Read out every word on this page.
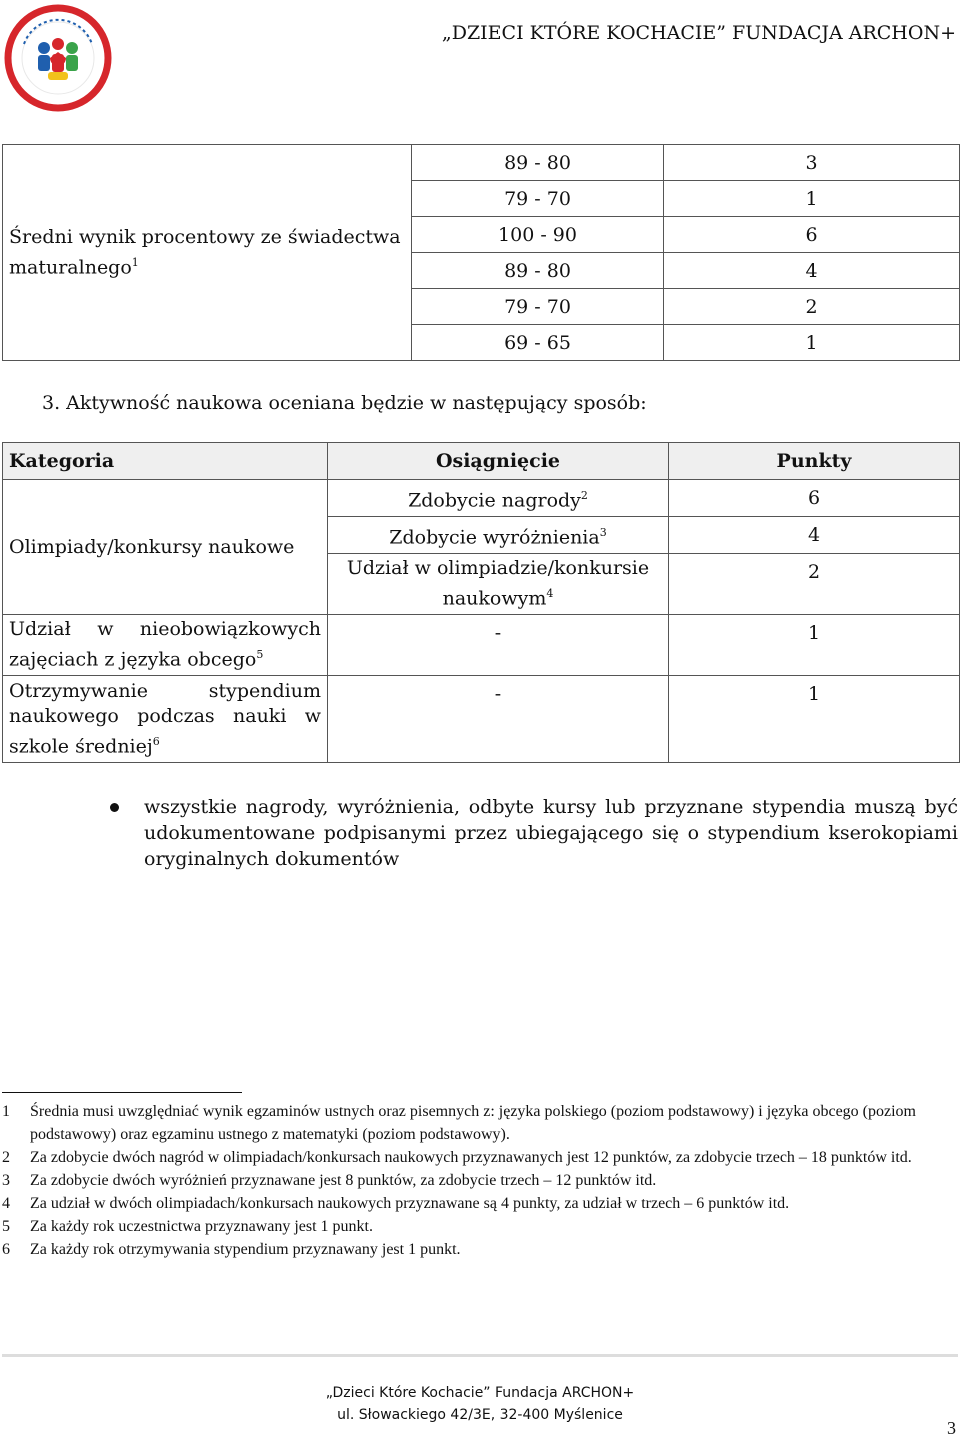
„DZIECI KTÓRE KOCHACIE” FUNDACJA ARCHON+
Średni wynik procentowy ze świadectwa maturalnego$^1$	89 - 80	3
	79 - 70	1
	100 - 90	6
	89 - 80	4
	79 - 70	2
	69 - 65	1
3. Aktywność naukowa oceniana będzie w następujący sposób:
Kategoria	Osiągnięcie	Punkty
Olimpiady/konkursy naukowe	Zdobycie nagrody$^2$	6
	Zdobycie wyróżnienia$^3$	4
	Udział w olimpiadzie/konkursie
naukowym$^4$	2

Udział w nieobowiązkowych
zajęciach z języka obcego$^5$	-	1

Otrzymywanie stypendium
naukowego podczas nauki w
szkole średniej$^6$	-	1
wszystkie nagrody, wyróżnienia, odbyte kursy lub przyznane stypendia muszą być udokumentowane podpisanymi przez ubiegającego się o stypendium kserokopiami oryginalnych dokumentów
1	Średnia musi uwzględniać wynik egzaminów ustnych oraz pisemnych z: języka polskiego (poziom podstawowy) i języka obcego (poziom podstawowy) oraz egzaminu ustnego z matematyki (poziom podstawowy).
2	Za zdobycie dwóch nagród w olimpiadach/konkursach naukowych przyznawanych jest 12 punktów, za zdobycie trzech – 18 punktów itd.
3	Za zdobycie dwóch wyróżnień przyznawane jest 8 punktów, za zdobycie trzech – 12 punktów itd.
4	Za udział w dwóch olimpiadach/konkursach naukowych przyznawane są 4 punkty, za udział w trzech – 6 punktów itd.
5	Za każdy rok uczestnictwa przyznawany jest 1 punkt.
6	Za każdy rok otrzymywania stypendium przyznawany jest 1 punkt.
„Dzieci Które Kochacie” Fundacja ARCHON+
ul. Słowackiego 42/3E, 32-400 Myślenice
3
